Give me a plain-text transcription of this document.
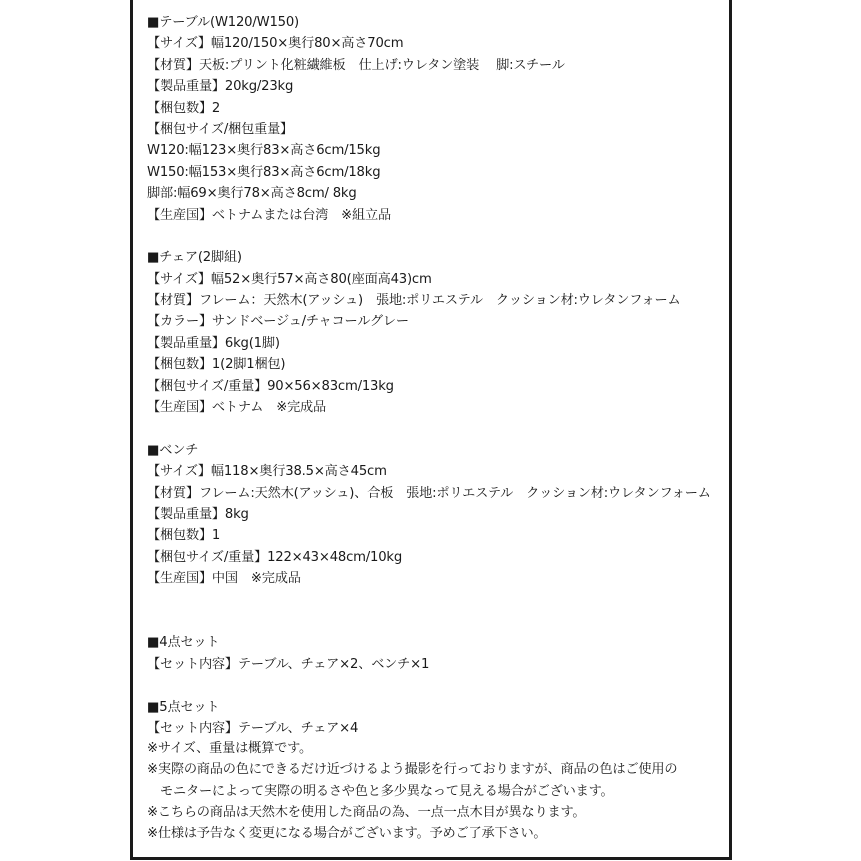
■テーブル(W120/W150)
【サイズ】幅120/150×奥行80×高さ70cm
【材質】天板:プリント化粧繊維板　仕上げ:ウレタン塗装　 脚:スチール
【製品重量】20kg/23kg
【梱包数】2
【梱包サイズ/梱包重量】
W120:幅123×奥行83×高さ6cm/15kg
W150:幅153×奥行83×高さ6cm/18kg
脚部:幅69×奥行78×高さ8cm/ 8kg
【生産国】ベトナムまたは台湾　※組立品
■チェア(2脚組)
【サイズ】幅52×奥行57×高さ80(座面高43)cm
【材質】フレーム：天然木(アッシュ)　張地:ポリエステル　クッション材:ウレタンフォーム
【カラー】サンドベージュ/チャコールグレー
【製品重量】6kg(1脚)
【梱包数】1(2脚1梱包)
【梱包サイズ/重量】90×56×83cm/13kg
【生産国】ベトナム　※完成品
■ベンチ
【サイズ】幅118×奥行38.5×高さ45cm
【材質】フレーム:天然木(アッシュ)、合板　張地:ポリエステル　クッション材:ウレタンフォーム
【製品重量】8kg
【梱包数】1
【梱包サイズ/重量】122×43×48cm/10kg
【生産国】中国　※完成品
■4点セット
【セット内容】テーブル、チェア×2、ベンチ×1
■5点セット
【セット内容】テーブル、チェア×4
※サイズ、重量は概算です。
※実際の商品の色にできるだけ近づけるよう撮影を行っておりますが、商品の色はご使用の
　モニターによって実際の明るさや色と多少異なって見える場合がございます。
※こちらの商品は天然木を使用した商品の為、一点一点木目が異なります。
※仕様は予告なく変更になる場合がございます。予めご了承下さい。
